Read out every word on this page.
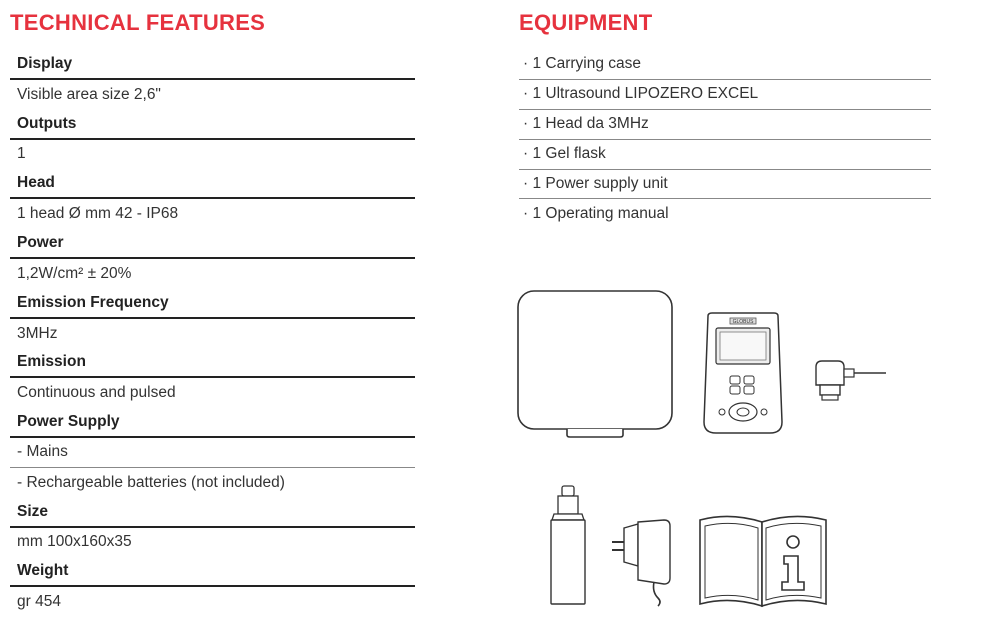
TECHNICAL FEATURES	EQUIPMENT
Display
Visible area size 2,6"
Outputs
1
Head
1 head Ø mm 42 - IP68
Power
1,2W/cm² ± 20%
Emission Frequency
3MHz
Emission
Continuous and pulsed
Power Supply
- Mains
- Rechargeable batteries (not included)
Size
mm 100x160x35
Weight
gr 454
· 1 Carrying case
· 1 Ultrasound LIPOZERO EXCEL
· 1 Head da 3MHz
· 1 Gel flask
· 1 Power supply unit
· 1 Operating manual
GLOBUS
